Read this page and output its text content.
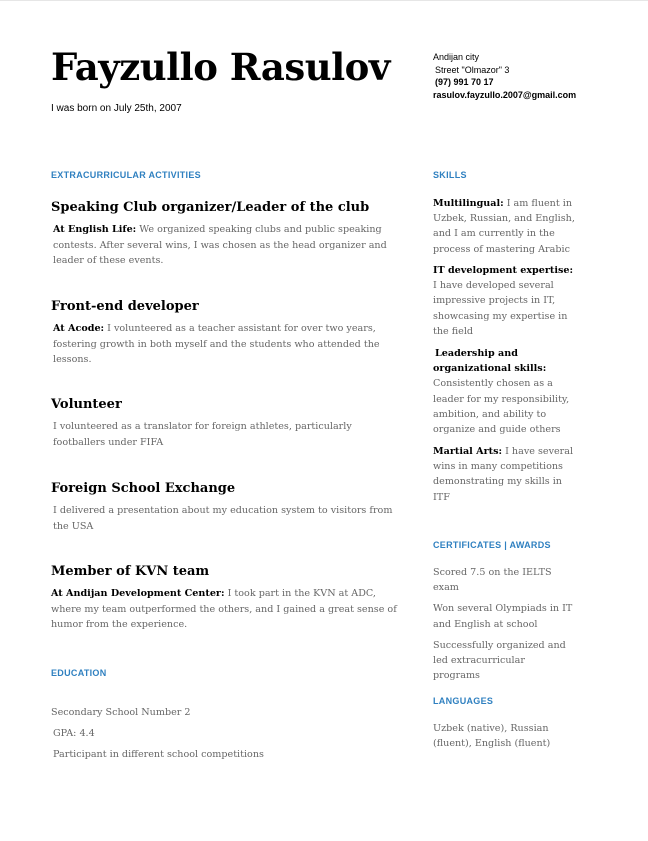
Fayzullo Rasulov

I was born on July 25th, 2007

Andijan city
Street "Olmazor" 3
(97) 991 70 17
rasulov.fayzullo.2007@gmail.com
EXTRACURRICULAR ACTIVITIES
Speaking Club organizer/Leader of the club

At English Life: We organized speaking clubs and public speaking contests. After several wins, I was chosen as the head organizer and leader of these events.

Front-end developer

At Acode: I volunteered as a teacher assistant for over two years, fostering growth in both myself and the students who attended the lessons.

Volunteer

I volunteered as a translator for foreign athletes, particularly footballers under FIFA

Foreign School Exchange

I delivered a presentation about my education system to visitors from the USA

Member of KVN team

At Andijan Development Center: I took part in the KVN at ADC, where my team outperformed the others, and I gained a great sense of humor from the experience.

EDUCATION
Secondary School Number 2
GPA: 4.4
Participant in different school competitions
SKILLS
Multilingual: I am fluent in Uzbek, Russian, and English, and I am currently in the process of mastering Arabic
IT development expertise: I have developed several impressive projects in IT, showcasing my expertise in the field
Leadership and organizational skills: Consistently chosen as a leader for my responsibility, ambition, and ability to organize and guide others
Martial Arts: I have several wins in many competitions demonstrating my skills in ITF
CERTIFICATES | AWARDS
Scored 7.5 on the IELTS exam
Won several Olympiads in IT and English at school
Successfully organized and led extracurricular programs
LANGUAGES
Uzbek (native), Russian (fluent), English (fluent)
